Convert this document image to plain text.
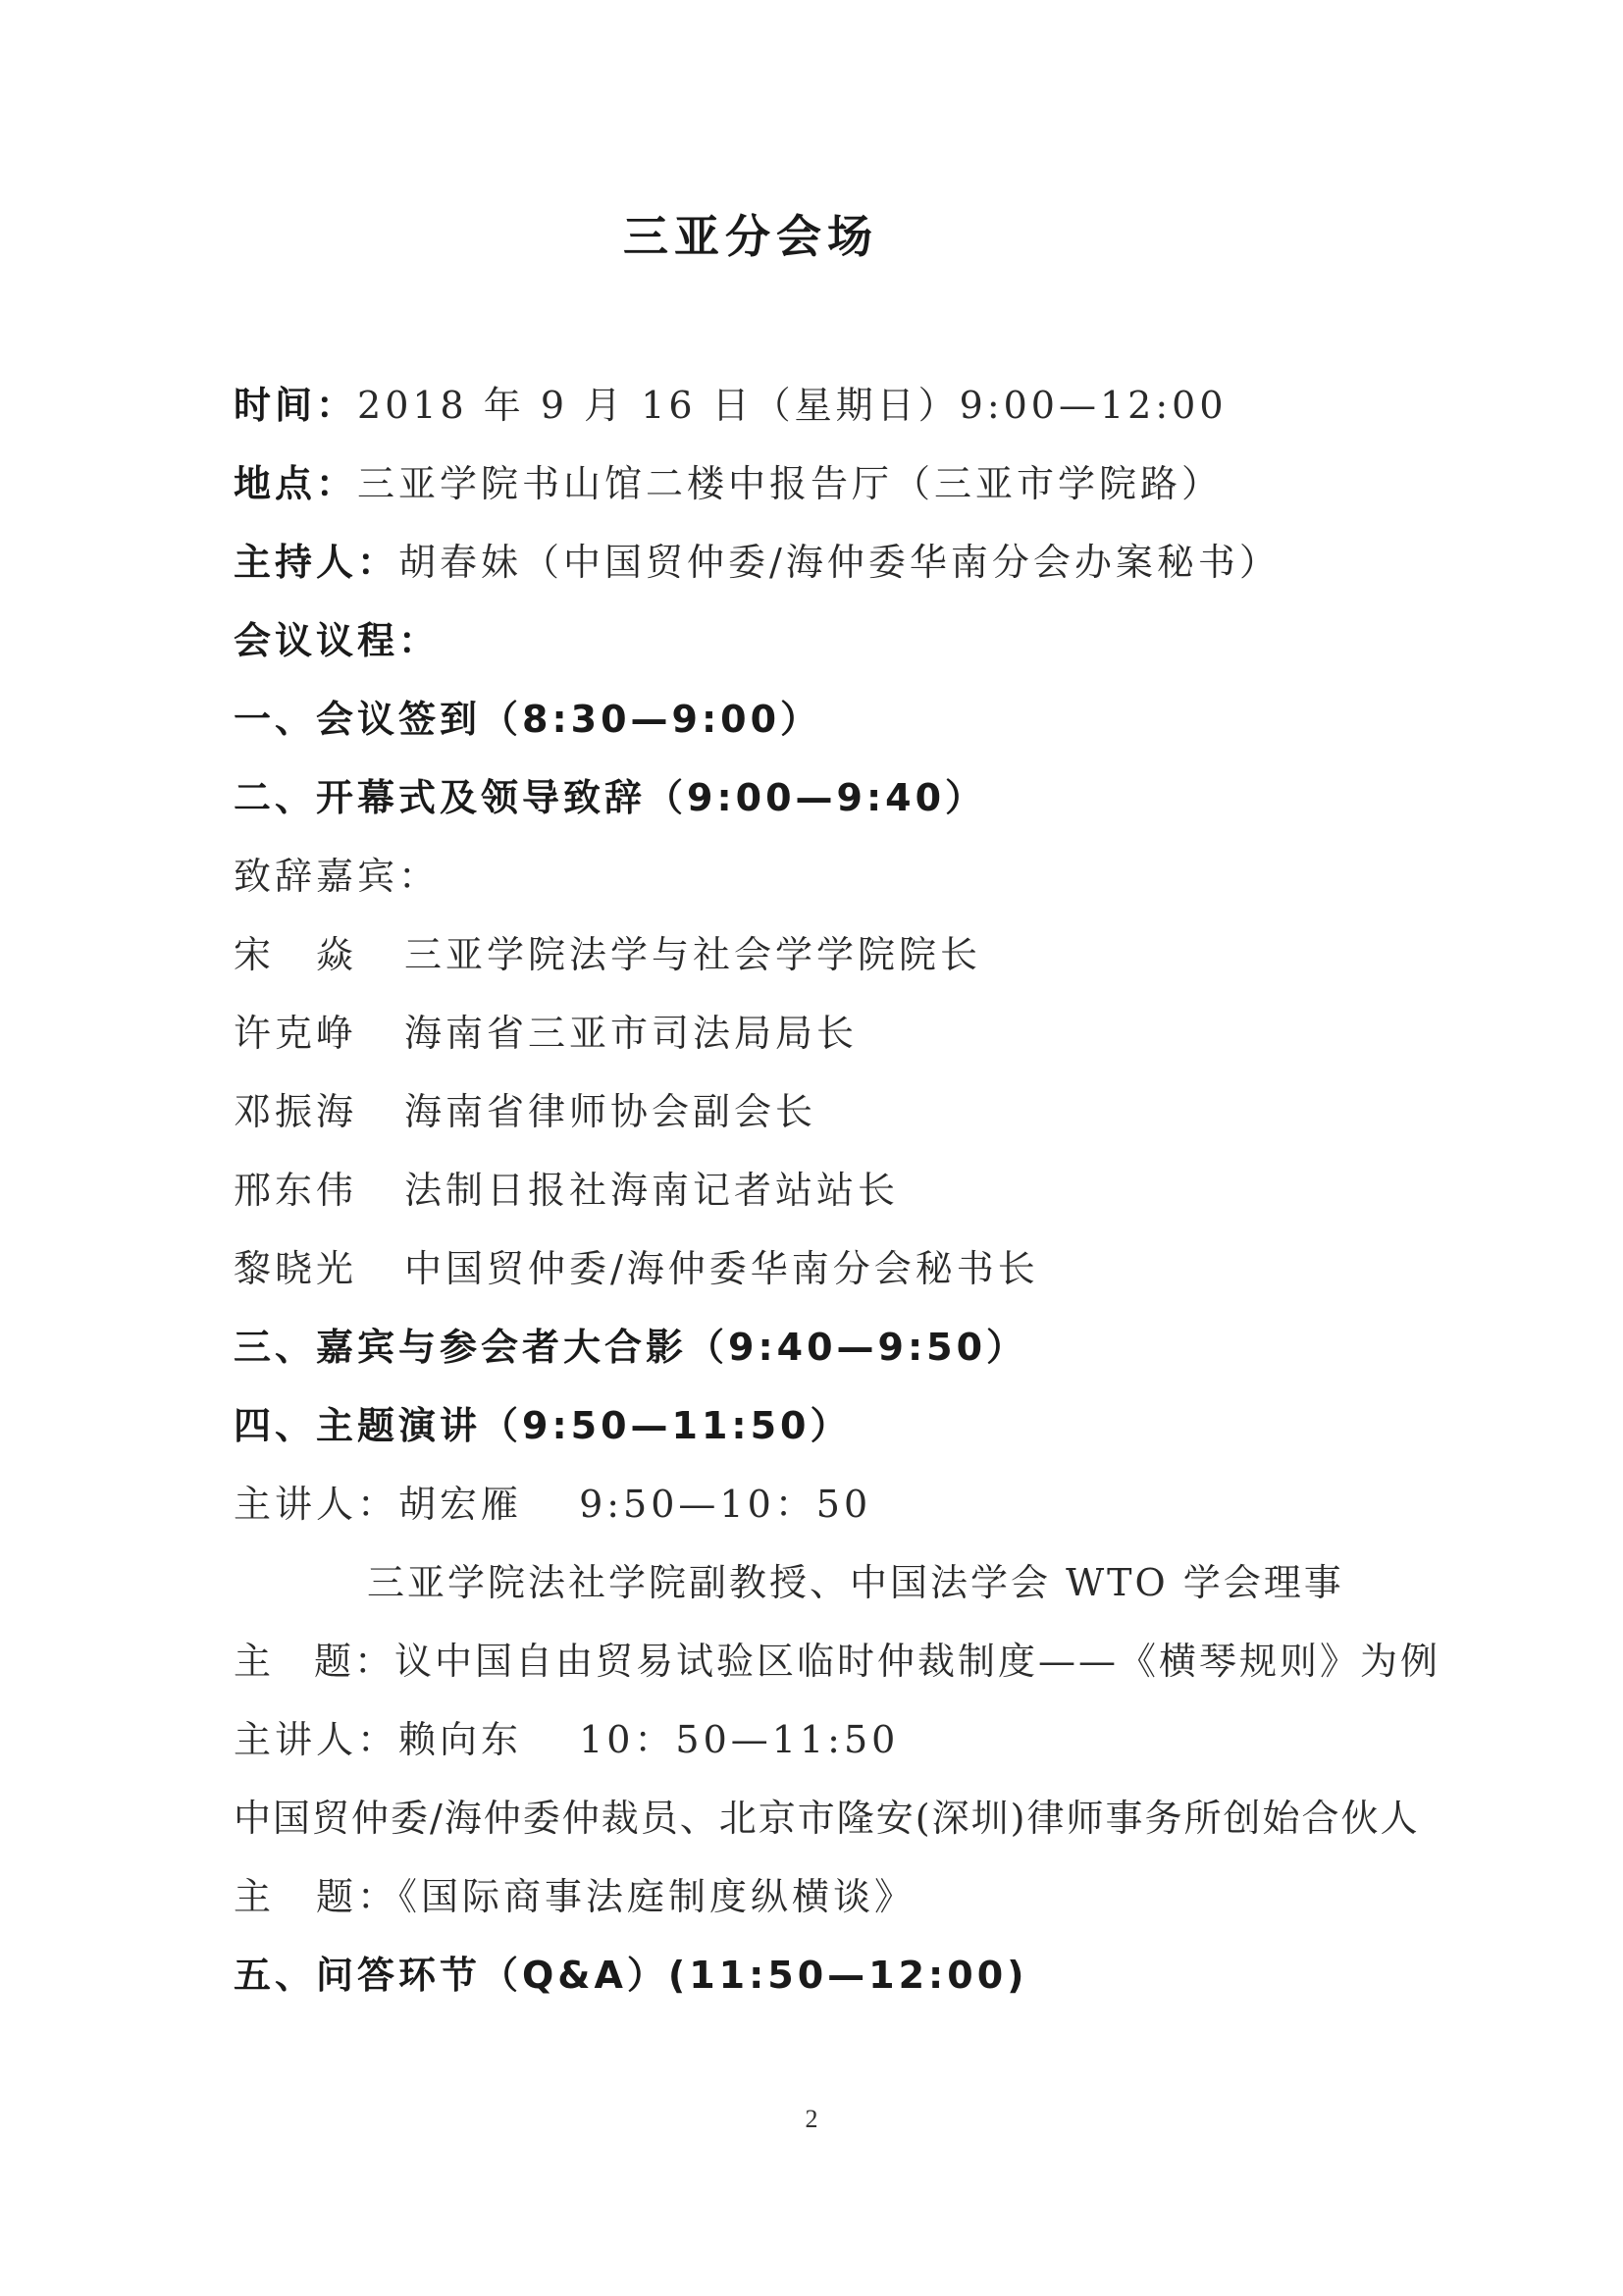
三亚分会场
时间：2018 年 9 月 16 日（星期日）9:00—12:00
地点：三亚学院书山馆二楼中报告厅（三亚市学院路）
主持人：胡春妹（中国贸仲委/海仲委华南分会办案秘书）
会议议程：
一、会议签到（8:30—9:00）
二、开幕式及领导致辞（9:00—9:40）
致辞嘉宾：
宋　焱 三亚学院法学与社会学学院院长
许克峥 海南省三亚市司法局局长
邓振海 海南省律师协会副会长
邢东伟 法制日报社海南记者站站长
黎晓光 中国贸仲委/海仲委华南分会秘书长
三、嘉宾与参会者大合影（9:40—9:50）
四、主题演讲（9:50—11:50）
主讲人：胡宏雁　 9:50—10：50
三亚学院法社学院副教授、中国法学会 WTO 学会理事
主　题：议中国自由贸易试验区临时仲裁制度——《横琴规则》为例
主讲人：赖向东　 10：50—11:50
中国贸仲委/海仲委仲裁员、北京市隆安(深圳)律师事务所创始合伙人
主　题：《国际商事法庭制度纵横谈》
五、问答环节（Q&A）(11:50—12:00)
2
